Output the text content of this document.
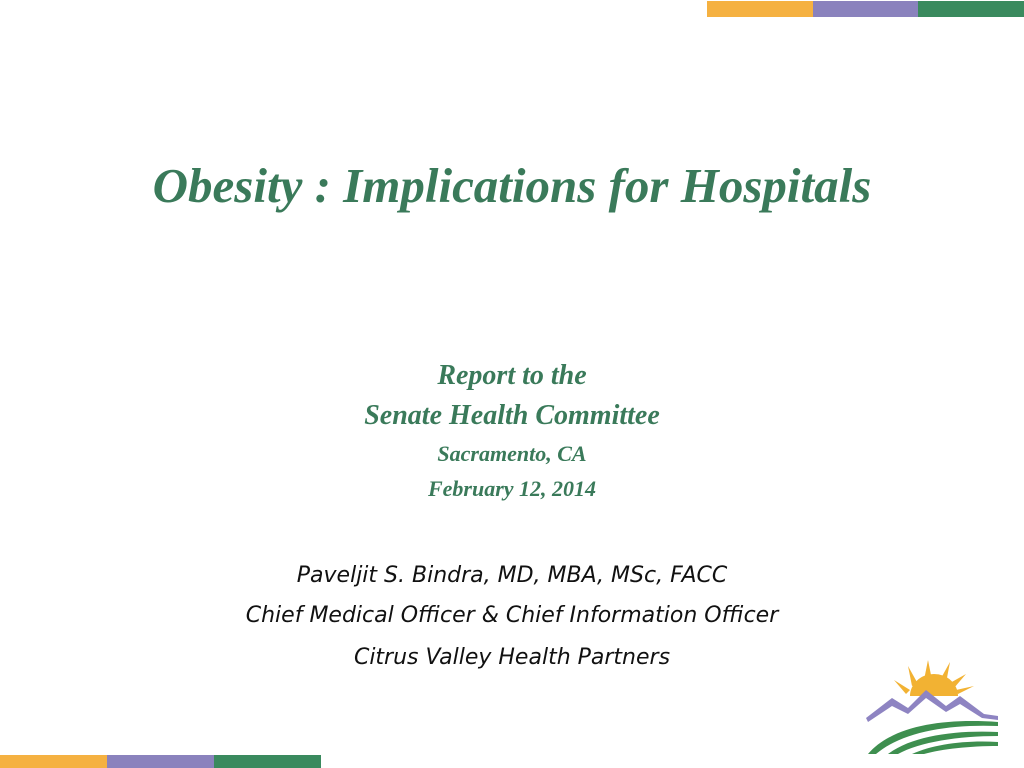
Obesity : Implications for Hospitals

Report to the

Senate Health Committee

Sacramento, CA

February 12, 2014

Paveljit S. Bindra, MD, MBA, MSc, FACC

Chief Medical Officer & Chief Information Officer

Citrus Valley Health Partners
